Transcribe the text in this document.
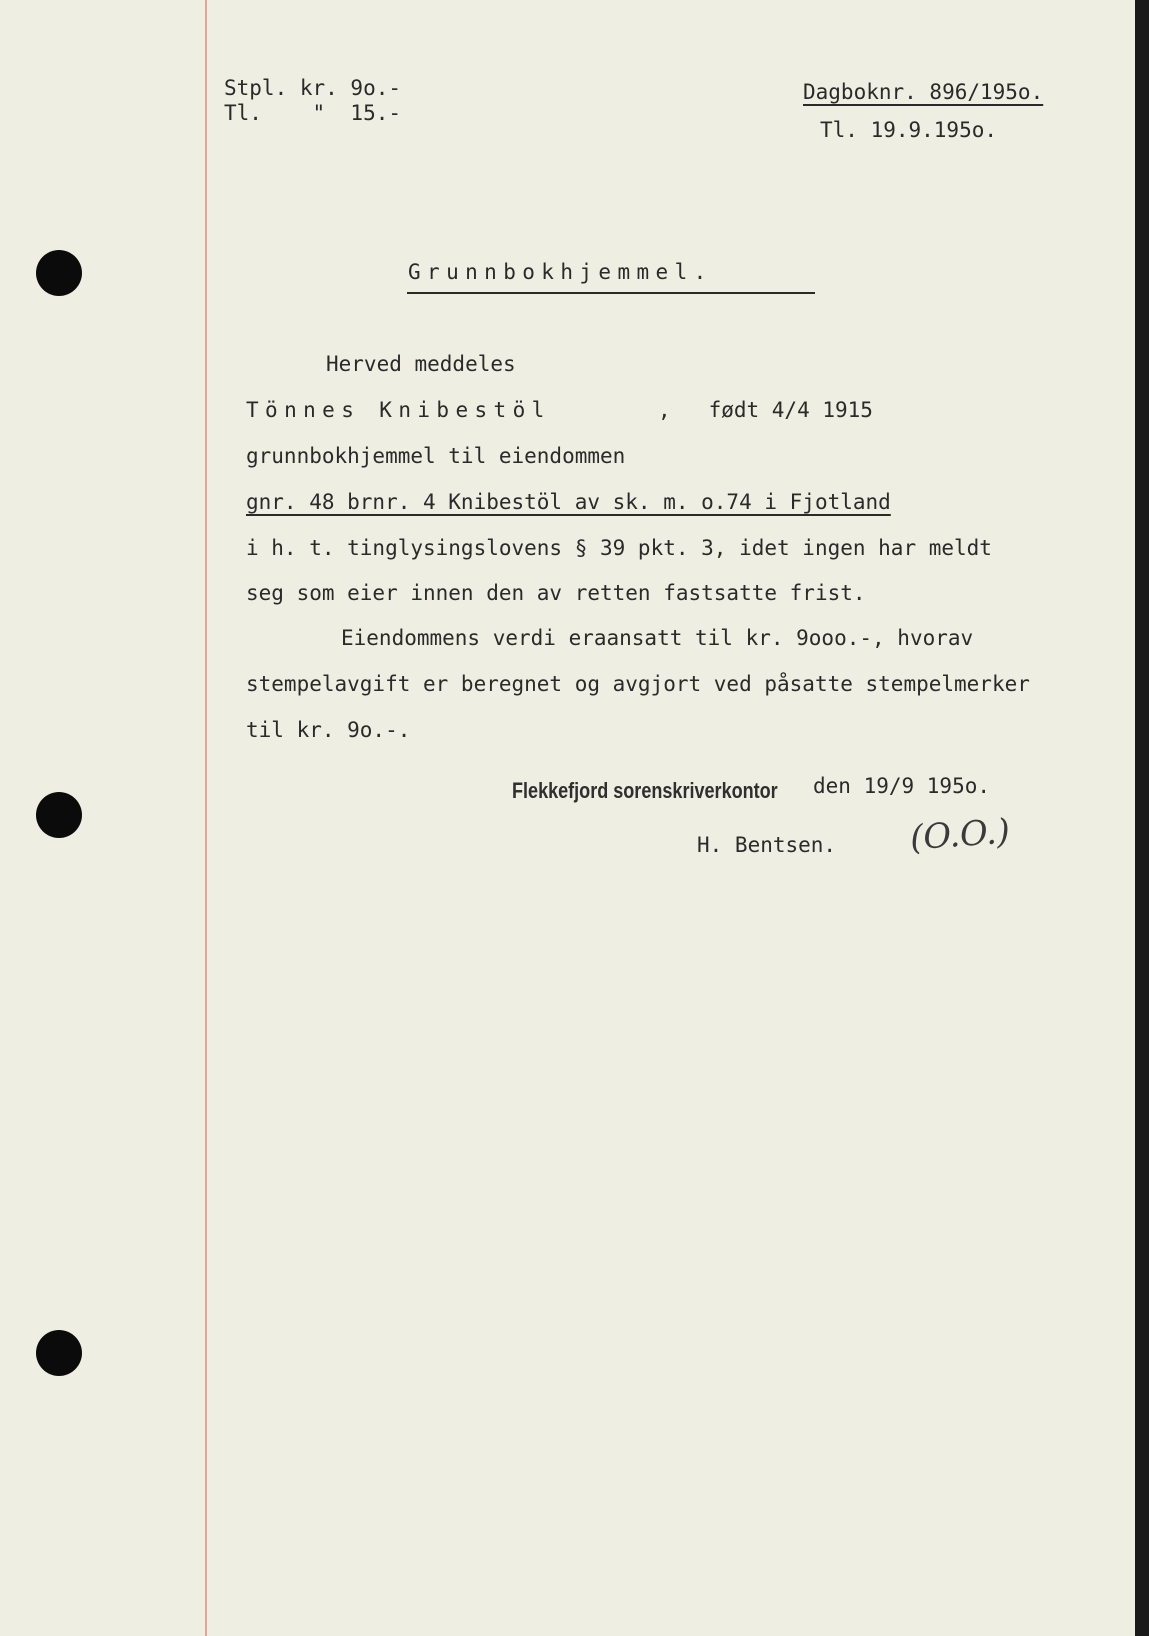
Stpl. kr. 9o.-
Tl.    "  15.-
Dagboknr. 896/195o.
Tl. 19.9.195o.
Grunnbokhjemmel.
Herved meddeles
Tönnes Knibestöl	,   født 4/4 1915
grunnbokhjemmel til eiendommen
gnr. 48 brnr. 4 Knibestöl av sk. m. o.74 i Fjotland
i h. t. tinglysingslovens § 39 pkt. 3, idet ingen har meldt
seg som eier innen den av retten fastsatte frist.
Eiendommens verdi eraansatt til kr. 9ooo.-, hvorav
stempelavgift er beregnet og avgjort ved påsatte stempelmerker
til kr. 9o.-.
Flekkefjord sorenskriverkontor den 19/9 195o.
H. Bentsen. (O.O.)
